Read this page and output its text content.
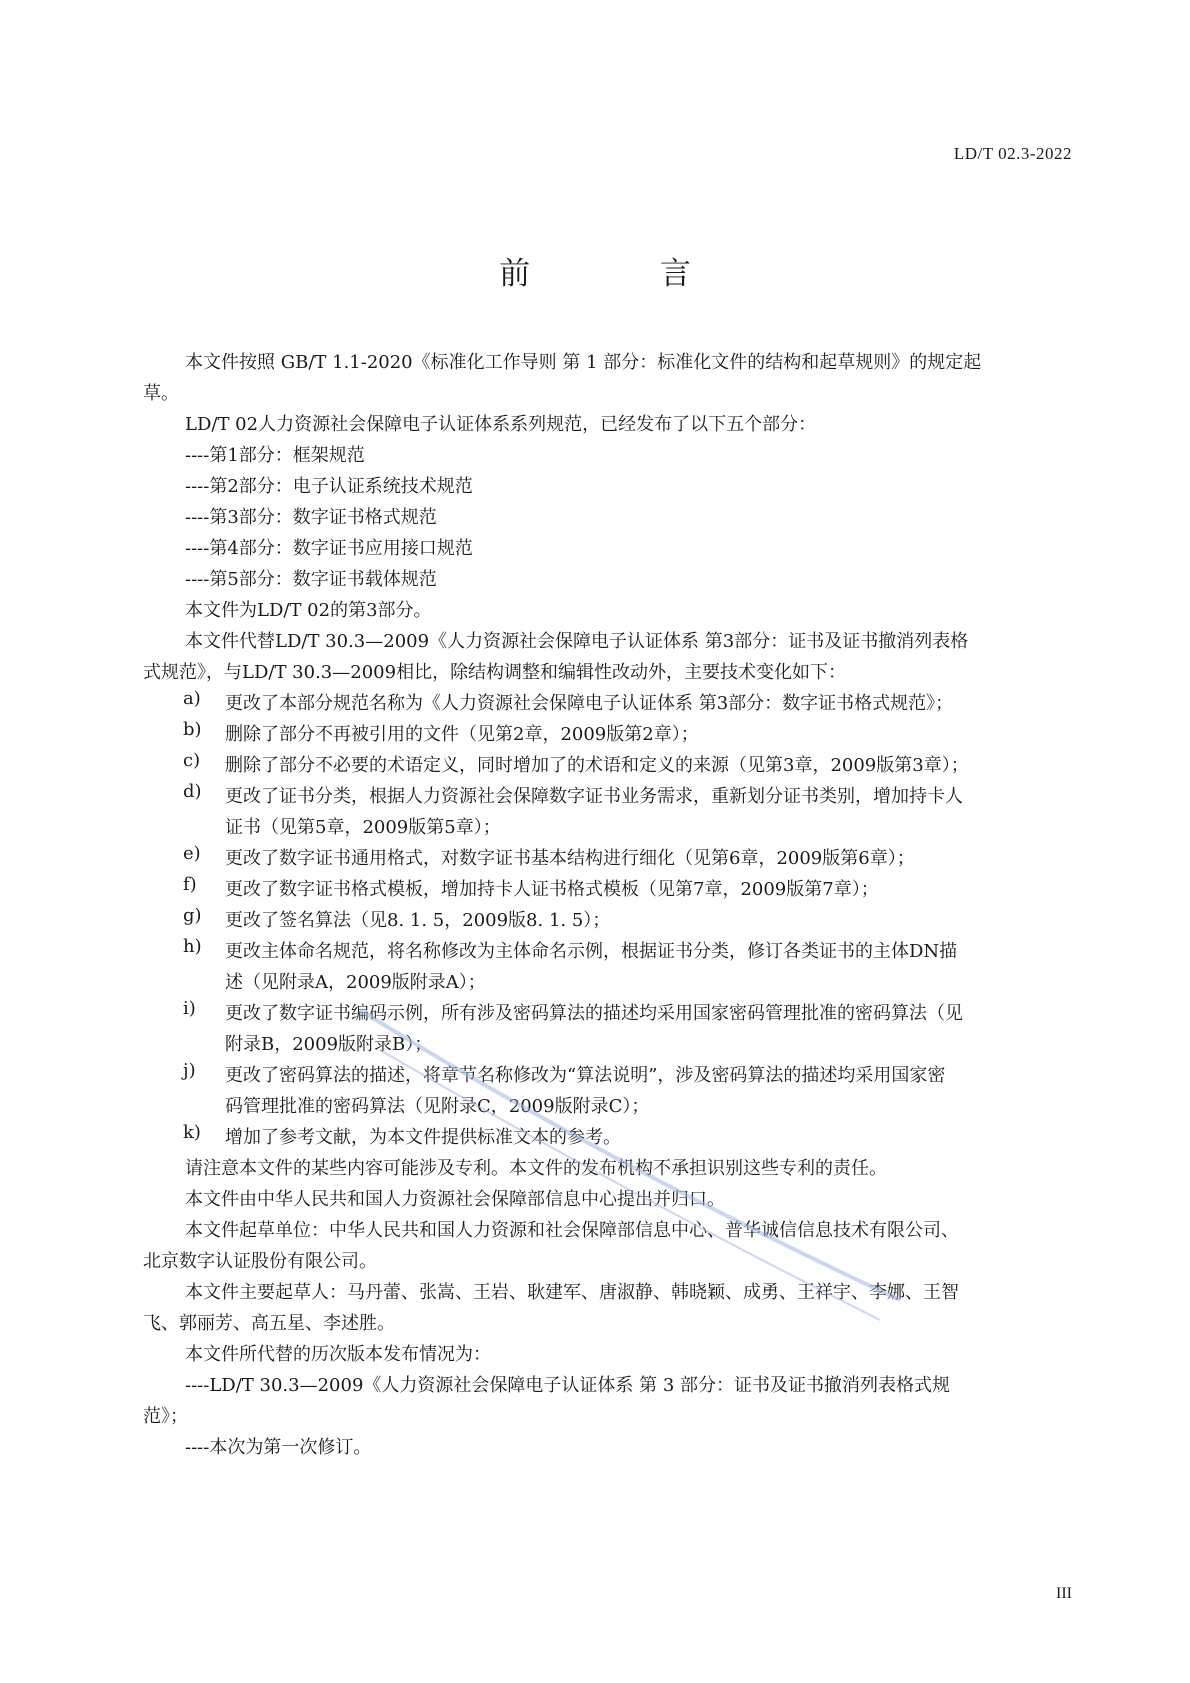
LD/T 02.3-2022
前 言
本文件按照 GB/T 1.1-2020《标准化工作导则 第 1 部分：标准化文件的结构和起草规则》的规定起
草。
LD/T 02人力资源社会保障电子认证体系系列规范，已经发布了以下五个部分：
----第1部分：框架规范
----第2部分：电子认证系统技术规范
----第3部分：数字证书格式规范
----第4部分：数字证书应用接口规范
----第5部分：数字证书载体规范
本文件为LD/T 02的第3部分。
本文件代替LD/T 30.3—2009《人力资源社会保障电子认证体系 第3部分：证书及证书撤消列表格
式规范》，与LD/T 30.3—2009相比，除结构调整和编辑性改动外，主要技术变化如下：
a) 更改了本部分规范名称为《人力资源社会保障电子认证体系 第3部分：数字证书格式规范》；
b) 删除了部分不再被引用的文件（见第2章，2009版第2章）；
c) 删除了部分不必要的术语定义，同时增加了的术语和定义的来源（见第3章，2009版第3章）；
d) 更改了证书分类，根据人力资源社会保障数字证书业务需求，重新划分证书类别，增加持卡人
证书（见第5章，2009版第5章）；
e) 更改了数字证书通用格式，对数字证书基本结构进行细化（见第6章，2009版第6章）；
f) 更改了数字证书格式模板，增加持卡人证书格式模板（见第7章，2009版第7章）；
g) 更改了签名算法（见8. 1. 5，2009版8. 1. 5）；
h) 更改主体命名规范，将名称修改为主体命名示例，根据证书分类，修订各类证书的主体DN描
述（见附录A，2009版附录A）；
i) 更改了数字证书编码示例，所有涉及密码算法的描述均采用国家密码管理批准的密码算法（见
附录B，2009版附录B）；
j) 更改了密码算法的描述，将章节名称修改为“算法说明”，涉及密码算法的描述均采用国家密
码管理批准的密码算法（见附录C，2009版附录C）；
k) 增加了参考文献，为本文件提供标准文本的参考。
请注意本文件的某些内容可能涉及专利。本文件的发布机构不承担识别这些专利的责任。
本文件由中华人民共和国人力资源社会保障部信息中心提出并归口。
本文件起草单位：中华人民共和国人力资源和社会保障部信息中心、普华诚信信息技术有限公司、
北京数字认证股份有限公司。
本文件主要起草人：马丹蕾、张嵩、王岩、耿建军、唐淑静、韩晓颖、成勇、王祥宇、李娜、王智
飞、郭丽芳、高五星、李述胜。
本文件所代替的历次版本发布情况为：
----LD/T 30.3—2009《人力资源社会保障电子认证体系 第 3 部分：证书及证书撤消列表格式规
范》；
----本次为第一次修订。
III
